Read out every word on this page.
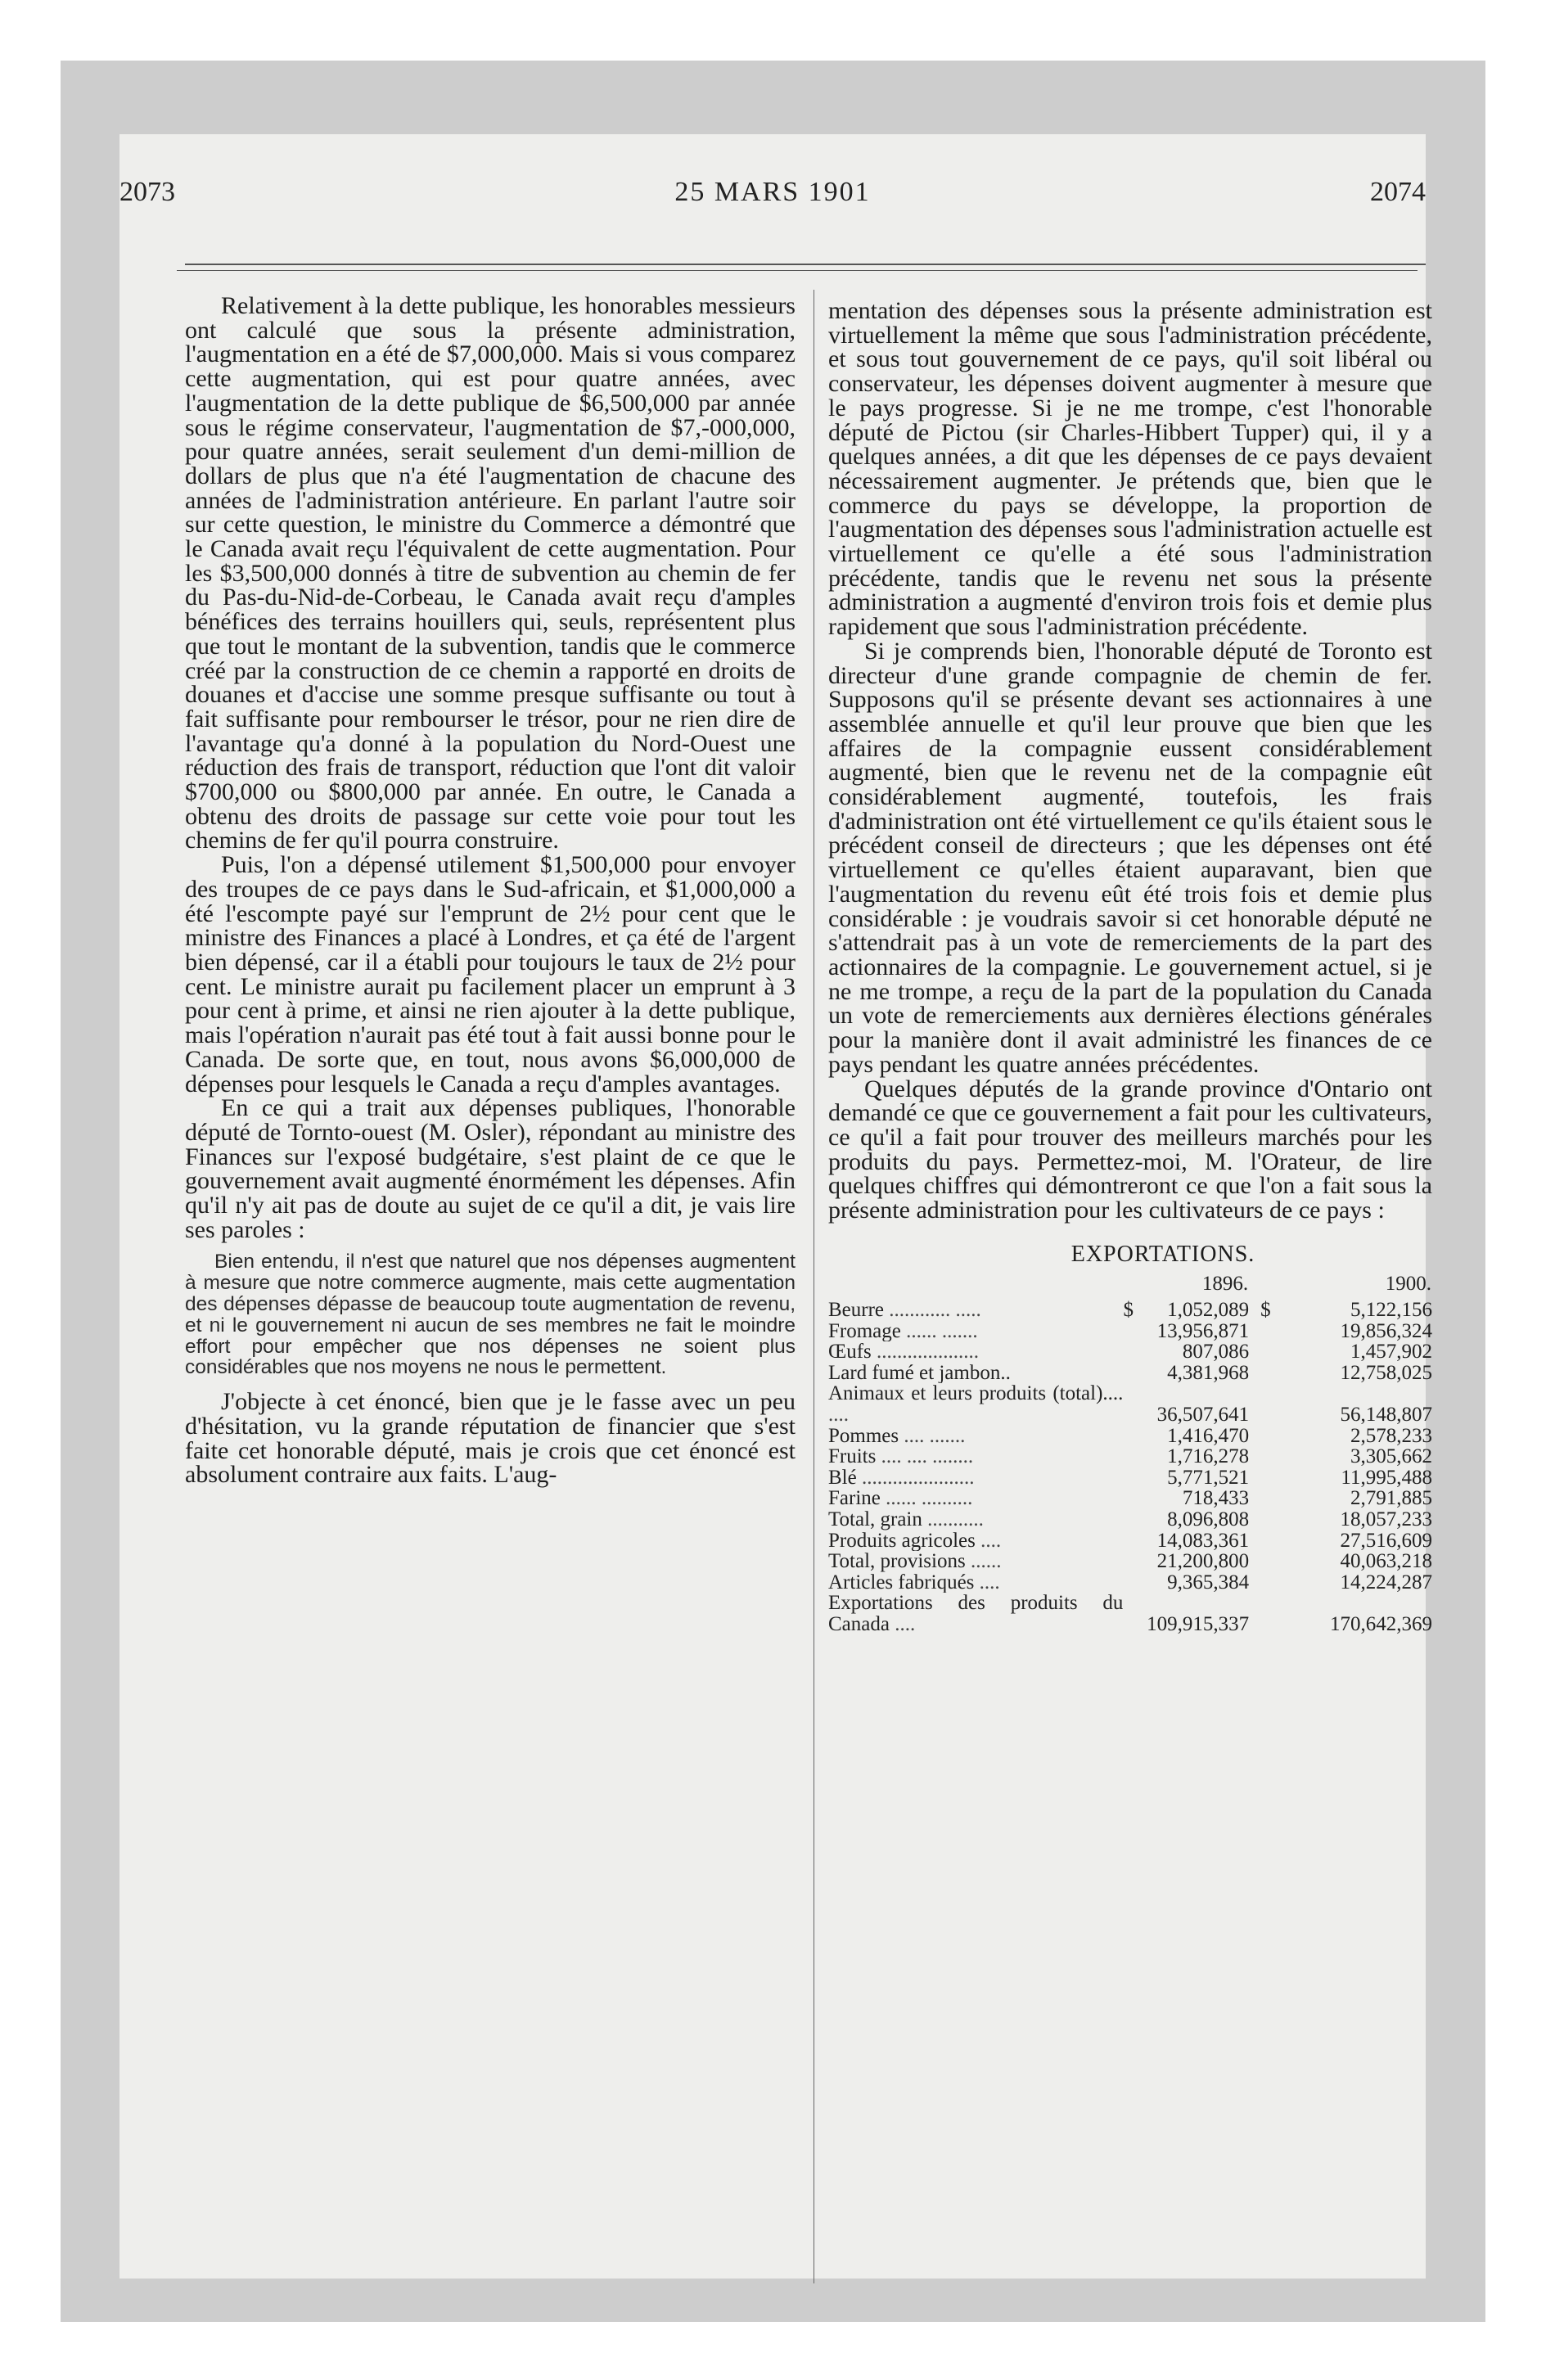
2073	25 MARS 1901	2074

Relativement à la dette publique, les honorables messieurs ont calculé que sous la présente administration, l'augmentation en a été de $7,000,000. Mais si vous comparez cette augmentation, qui est pour quatre années, avec l'augmentation de la dette publique de $6,500,000 par année sous le régime conservateur, l'augmentation de $7,-000,000, pour quatre années, serait seulement d'un demi-million de dollars de plus que n'a été l'augmentation de chacune des années de l'administration antérieure. En parlant l'autre soir sur cette question, le ministre du Commerce a démontré que le Canada avait reçu l'équivalent de cette augmentation. Pour les $3,500,000 donnés à titre de subvention au chemin de fer du Pas-du-Nid-de-Corbeau, le Canada avait reçu d'amples bénéfices des terrains houillers qui, seuls, représentent plus que tout le montant de la subvention, tandis que le commerce créé par la construction de ce chemin a rapporté en droits de douanes et d'accise une somme presque suffisante ou tout à fait suffisante pour rembourser le trésor, pour ne rien dire de l'avantage qu'a donné à la population du Nord-Ouest une réduction des frais de transport, réduction que l'ont dit valoir $700,000 ou $800,000 par année. En outre, le Canada a obtenu des droits de passage sur cette voie pour tout les chemins de fer qu'il pourra construire.

Puis, l'on a dépensé utilement $1,500,000 pour envoyer des troupes de ce pays dans le Sud-africain, et $1,000,000 a été l'escompte payé sur l'emprunt de 2½ pour cent que le ministre des Finances a placé à Londres, et ça été de l'argent bien dépensé, car il a établi pour toujours le taux de 2½ pour cent. Le ministre aurait pu facilement placer un emprunt à 3 pour cent à prime, et ainsi ne rien ajouter à la dette publique, mais l'opération n'aurait pas été tout à fait aussi bonne pour le Canada. De sorte que, en tout, nous avons $6,000,000 de dépenses pour lesquels le Canada a reçu d'amples avantages.

En ce qui a trait aux dépenses publiques, l'honorable député de Tornto-ouest (M. Osler), répondant au ministre des Finances sur l'exposé budgétaire, s'est plaint de ce que le gouvernement avait augmenté énormément les dépenses. Afin qu'il n'y ait pas de doute au sujet de ce qu'il a dit, je vais lire ses paroles :

Bien entendu, il n'est que naturel que nos dépenses augmentent à mesure que notre commerce augmente, mais cette augmentation des dépenses dépasse de beaucoup toute augmentation de revenu, et ni le gouvernement ni aucun de ses membres ne fait le moindre effort pour empêcher que nos dépenses ne soient plus considérables que nos moyens ne nous le permettent.

J'objecte à cet énoncé, bien que je le fasse avec un peu d'hésitation, vu la grande réputation de financier que s'est faite cet honorable député, mais je crois que cet énoncé est absolument contraire aux faits. L'aug-

mentation des dépenses sous la présente administration est virtuellement la même que sous l'administration précédente, et sous tout gouvernement de ce pays, qu'il soit libéral ou conservateur, les dépenses doivent augmenter à mesure que le pays progresse. Si je ne me trompe, c'est l'honorable député de Pictou (sir Charles-Hibbert Tupper) qui, il y a quelques années, a dit que les dépenses de ce pays devaient nécessairement augmenter. Je prétends que, bien que le commerce du pays se développe, la proportion de l'augmentation des dépenses sous l'administration actuelle est virtuellement ce qu'elle a été sous l'administration précédente, tandis que le revenu net sous la présente administration a augmenté d'environ trois fois et demie plus rapidement que sous l'administration précédente.

Si je comprends bien, l'honorable député de Toronto est directeur d'une grande compagnie de chemin de fer. Supposons qu'il se présente devant ses actionnaires à une assemblée annuelle et qu'il leur prouve que bien que les affaires de la compagnie eussent considérablement augmenté, bien que le revenu net de la compagnie eût considérablement augmenté, toutefois, les frais d'administration ont été virtuellement ce qu'ils étaient sous le précédent conseil de directeurs ; que les dépenses ont été virtuellement ce qu'elles étaient auparavant, bien que l'augmentation du revenu eût été trois fois et demie plus considérable : je voudrais savoir si cet honorable député ne s'attendrait pas à un vote de remerciements de la part des actionnaires de la compagnie. Le gouvernement actuel, si je ne me trompe, a reçu de la part de la population du Canada un vote de remerciements aux dernières élections générales pour la manière dont il avait administré les finances de ce pays pendant les quatre années précédentes.

Quelques députés de la grande province d'Ontario ont demandé ce que ce gouvernement a fait pour les cultivateurs, ce qu'il a fait pour trouver des meilleurs marchés pour les produits du pays. Permettez-moi, M. l'Orateur, de lire quelques chiffres qui démontreront ce que l'on a fait sous la présente administration pour les cultivateurs de ce pays :

EXPORTATIONS.
		1896.		1900.
Beurre ............ .....	$	1,052,089	$	5,122,156
Fromage ...... .......		13,956,871		19,856,324
Œufs ....................		807,086		1,457,902
Lard fumé et jambon..		4,381,968		12,758,025
Animaux et leurs produits (total).... ....		36,507,641		56,148,807
Pommes .... .......		1,416,470		2,578,233
Fruits .... .... ........		1,716,278		3,305,662
Blé ......................		5,771,521		11,995,488
Farine ...... ..........		718,433		2,791,885
Total, grain ...........		8,096,808		18,057,233
Produits agricoles ....		14,083,361		27,516,609
Total, provisions ......		21,200,800		40,063,218
Articles fabriqués ....		9,365,384		14,224,287
Exportations des produits du Canada ....		109,915,337		170,642,369
